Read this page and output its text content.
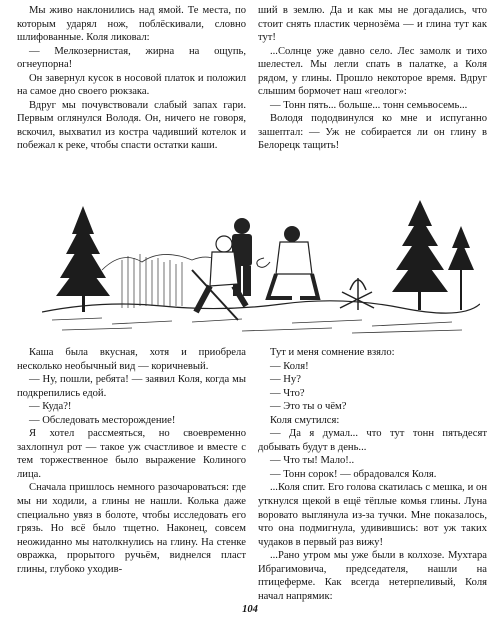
Мы живо наклонились над ямой. Те места, по которым ударял нож, поблёскивали, словно шлифованные. Коля ликовал:

— Мелкозернистая, жирна на ощупь, огнеупорна!

Он завернул кусок в носовой платок и положил на самое дно своего рюкзака.

Вдруг мы почувствовали слабый запах гари. Первым оглянулся Володя. Он, ничего не говоря, вскочил, выхватил из костра чадивший котелок и побежал к реке, чтобы спасти остатки каши.

ший в землю. Да и как мы не догадались, что стоит снять пластик чернозёма — и глина тут как тут!

...Солнце уже давно село. Лес замолк и тихо шелестел. Мы легли спать в палатке, а Коля рядом, у глины. Прошло некоторое время. Вдруг слышим бормочет наш «геолог»:

— Тонн пять... больше... тонн семьвосемь...

Володя пододвинулся ко мне и испуганно зашептал: — Уж не собирается ли он глину в Белорецк тащить!

Каша была вкусная, хотя и приобрела несколько необычный вид — коричневый.

— Ну, пошли, ребята! — заявил Коля, когда мы подкрепились едой.

— Куда?!

— Обследовать месторождение!

Я хотел рассмеяться, но своевременно захлопнул рот — такое уж счастливое и вместе с тем торжественное было выражение Колиного лица.

Сначала пришлось немного разочароваться: где мы ни ходили, а глины не нашли. Колька даже специально увяз в болоте, чтобы исследовать его грязь. Но всё было тщетно. Наконец, совсем неожиданно мы натолкнулись на глину. На стенке овражка, прорытого ручьём, виднелся пласт глины, глубоко уходив-

Тут и меня сомнение взяло:

— Коля!

— Ну?

— Что?

— Это ты о чём?

Коля смутился:

— Да я думал... что тут тонн пятьдесят добывать будут в день...

— Что ты! Мало!..

— Тонн сорок! — обрадовался Коля.

...Коля спит. Его голова скатилась с мешка, и он уткнулся щекой в ещё тёплые комья глины. Луна воровато выглянула из-за тучки. Мне показалось, что она подмигнула, удивившись: вот уж таких чудаков в первый раз вижу!

...Рано утром мы уже были в колхозе. Мухтара Ибрагимовича, председателя, нашли на птицеферме. Как всегда нетерпеливый, Коля начал напрямик:

104
